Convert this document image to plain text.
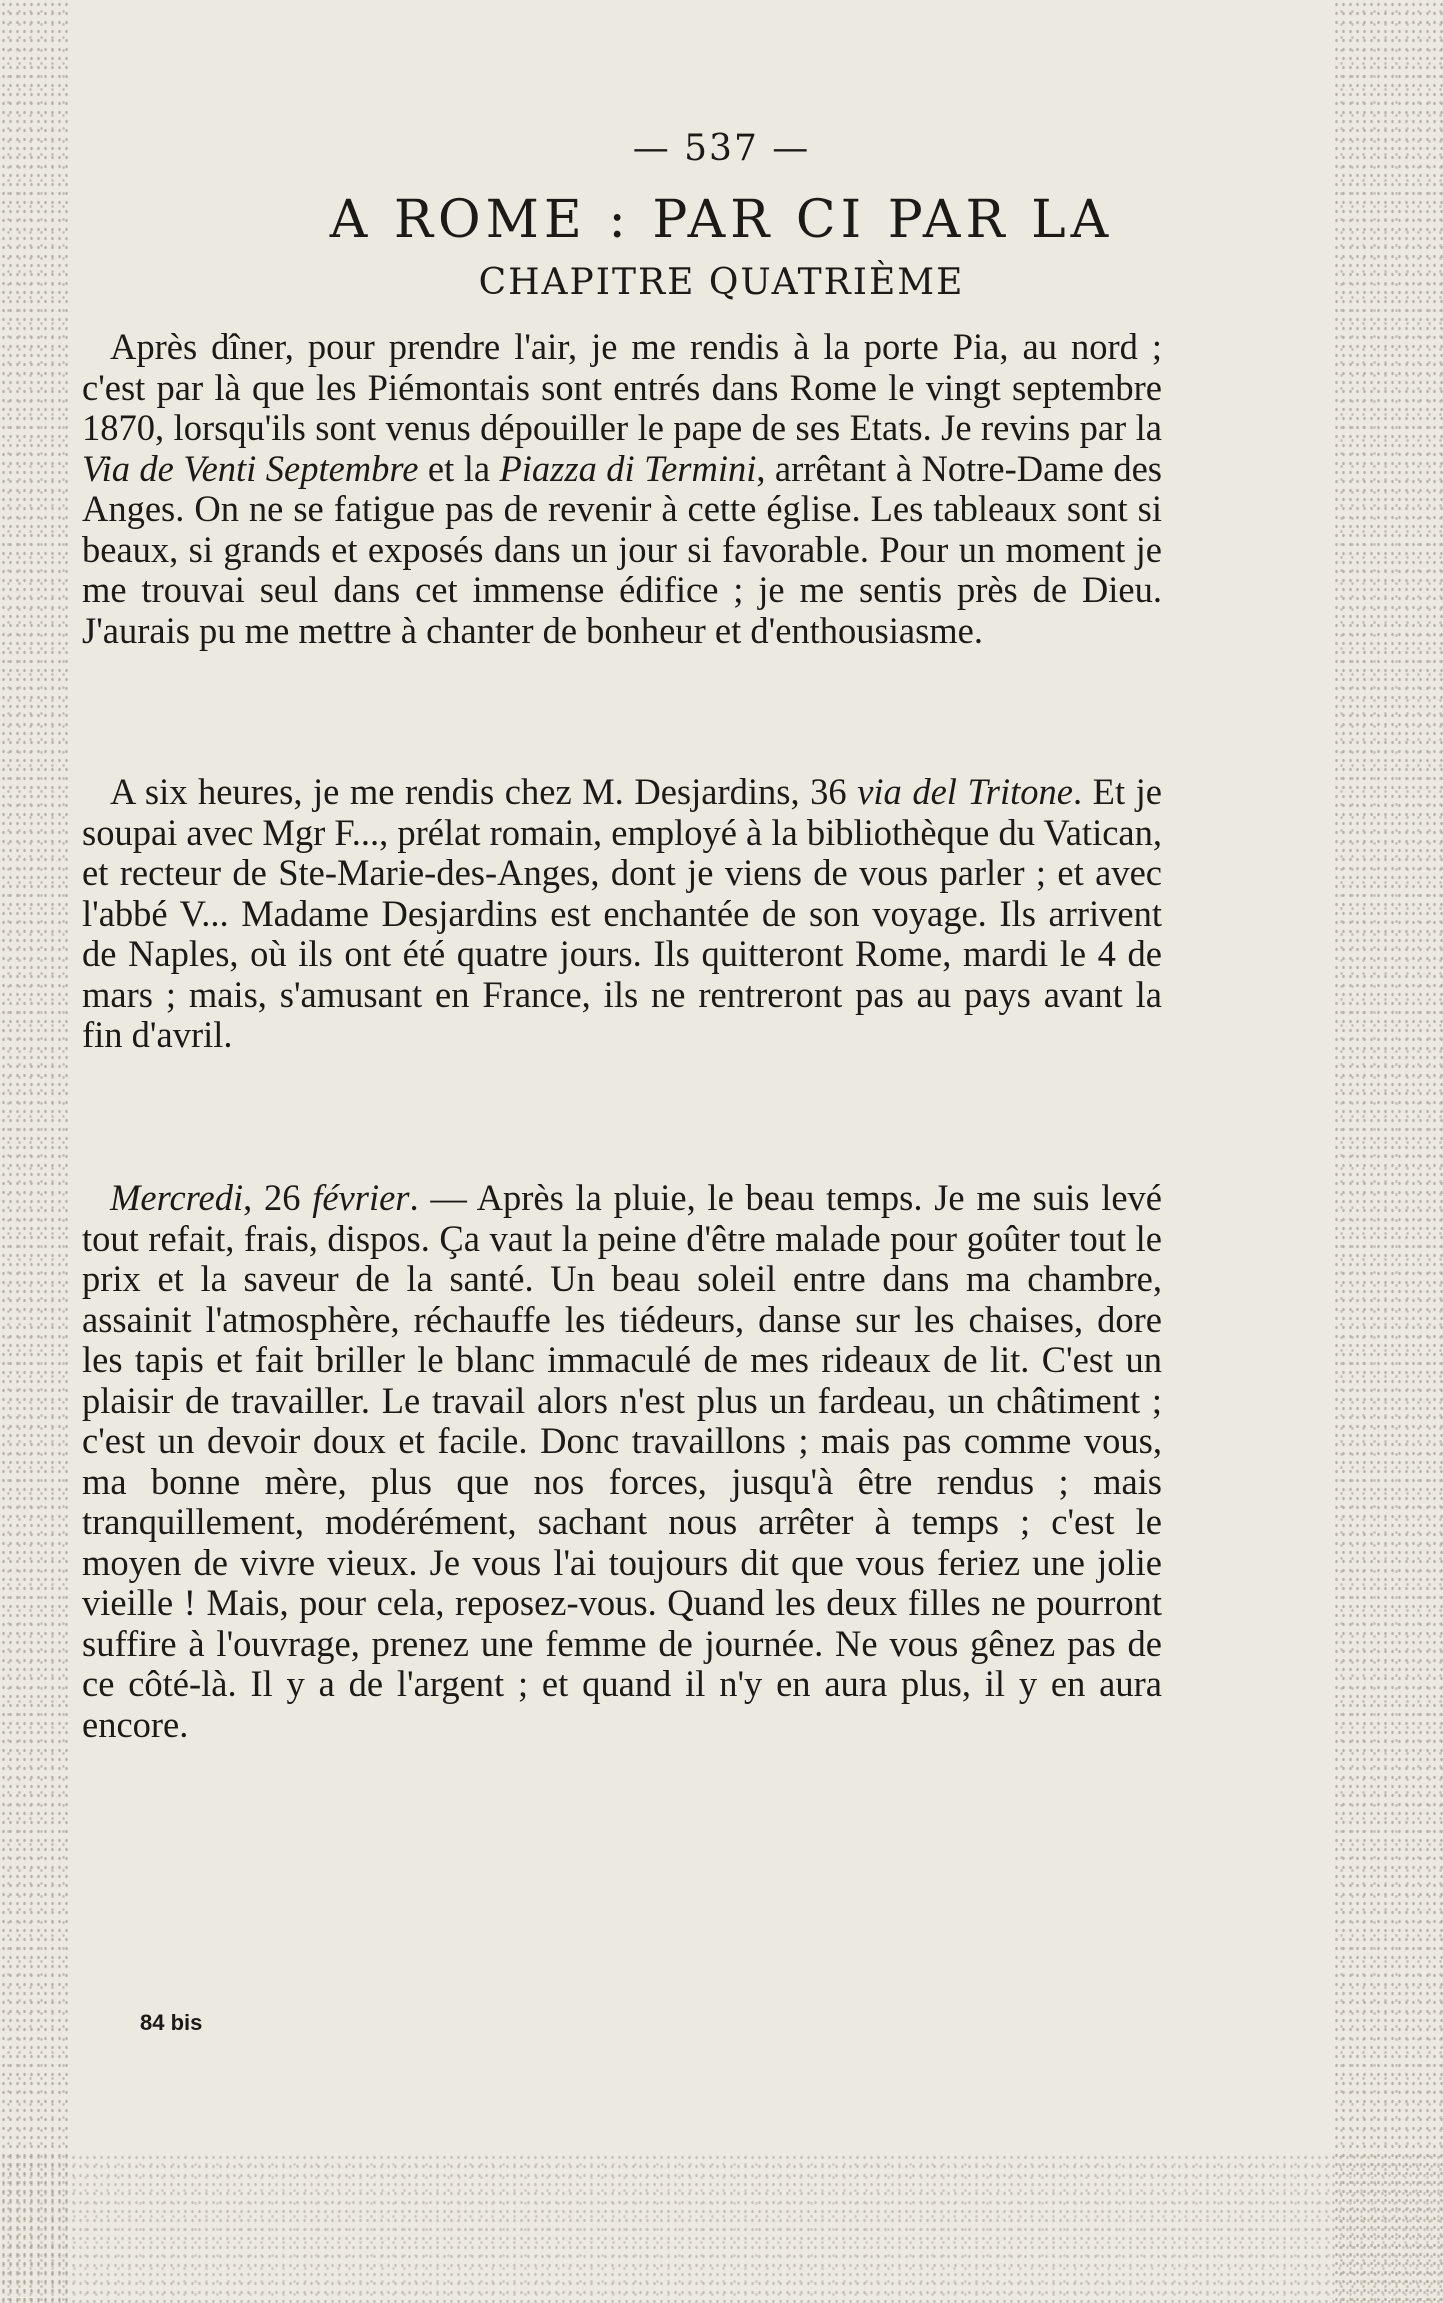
— 537 —
A ROME : PAR CI PAR LA
CHAPITRE QUATRIÈME

Après dîner, pour prendre l'air, je me rendis à la porte Pia, au nord ; c'est par là que les Piémontais sont entrés dans Rome le vingt septembre 1870, lorsqu'ils sont venus dépouiller le pape de ses Etats. Je revins par la Via de Venti Septembre et la Piazza di Termini, arrêtant à Notre-Dame des Anges. On ne se fatigue pas de revenir à cette église. Les tableaux sont si beaux, si grands et exposés dans un jour si favorable. Pour un moment je me trouvai seul dans cet immense édifice ; je me sentis près de Dieu. J'aurais pu me mettre à chanter de bonheur et d'enthousiasme.

A six heures, je me rendis chez M. Desjardins, 36 via del Tritone. Et je soupai avec Mgr F..., prélat romain, employé à la bibliothèque du Vatican, et recteur de Ste-Marie-des-Anges, dont je viens de vous parler ; et avec l'abbé V... Madame Desjardins est enchantée de son voyage. Ils arrivent de Naples, où ils ont été quatre jours. Ils quitteront Rome, mardi le 4 de mars ; mais, s'amusant en France, ils ne rentreront pas au pays avant la fin d'avril.

Mercredi, 26 février. — Après la pluie, le beau temps. Je me suis levé tout refait, frais, dispos. Ça vaut la peine d'être malade pour goûter tout le prix et la saveur de la santé. Un beau soleil entre dans ma chambre, assainit l'atmosphère, réchauffe les tiédeurs, danse sur les chaises, dore les tapis et fait briller le blanc immaculé de mes rideaux de lit. C'est un plaisir de travailler. Le travail alors n'est plus un fardeau, un châtiment ; c'est un devoir doux et facile. Donc travaillons ; mais pas comme vous, ma bonne mère, plus que nos forces, jusqu'à être rendus ; mais tranquillement, modérément, sachant nous arrêter à temps ; c'est le moyen de vivre vieux. Je vous l'ai toujours dit que vous feriez une jolie vieille ! Mais, pour cela, reposez-vous. Quand les deux filles ne pourront suffire à l'ouvrage, prenez une femme de journée. Ne vous gênez pas de ce côté-là. Il y a de l'argent ; et quand il n'y en aura plus, il y en aura encore.

84 bis
